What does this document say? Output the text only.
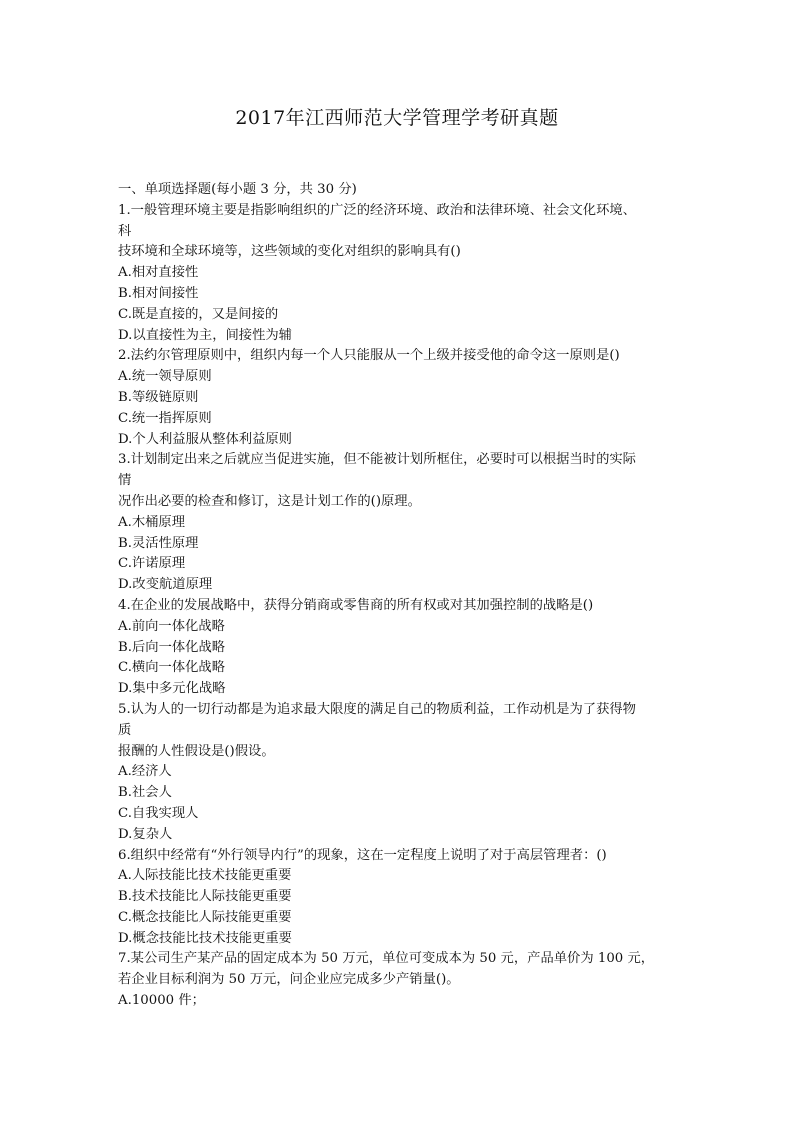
2017年江西师范大学管理学考研真题

一、单项选择题(每小题 3 分，共 30 分)

1.一般管理环境主要是指影响组织的广泛的经济环境、政治和法律环境、社会文化环境、

科

技环境和全球环境等，这些领域的变化对组织的影响具有()

A.相对直接性

B.相对间接性

C.既是直接的，又是间接的

D.以直接性为主，间接性为辅

2.法约尔管理原则中，组织内每一个人只能服从一个上级并接受他的命令这一原则是()

A.统一领导原则

B.等级链原则

C.统一指挥原则

D.个人利益服从整体利益原则

3.计划制定出来之后就应当促进实施，但不能被计划所框住，必要时可以根据当时的实际

情

况作出必要的检查和修订，这是计划工作的()原理。

A.木桶原理

B.灵活性原理

C.许诺原理

D.改变航道原理

4.在企业的发展战略中，获得分销商或零售商的所有权或对其加强控制的战略是()

A.前向一体化战略

B.后向一体化战略

C.横向一体化战略

D.集中多元化战略

5.认为人的一切行动都是为追求最大限度的满足自己的物质利益，工作动机是为了获得物

质

报酬的人性假设是()假设。

A.经济人

B.社会人

C.自我实现人

D.复杂人

6.组织中经常有“外行领导内行”的现象，这在一定程度上说明了对于高层管理者：()

A.人际技能比技术技能更重要

B.技术技能比人际技能更重要

C.概念技能比人际技能更重要

D.概念技能比技术技能更重要

7.某公司生产某产品的固定成本为 50 万元，单位可变成本为 50 元，产品单价为 100 元，

若企业目标利润为 50 万元，问企业应完成多少产销量()。

A.10000 件；
